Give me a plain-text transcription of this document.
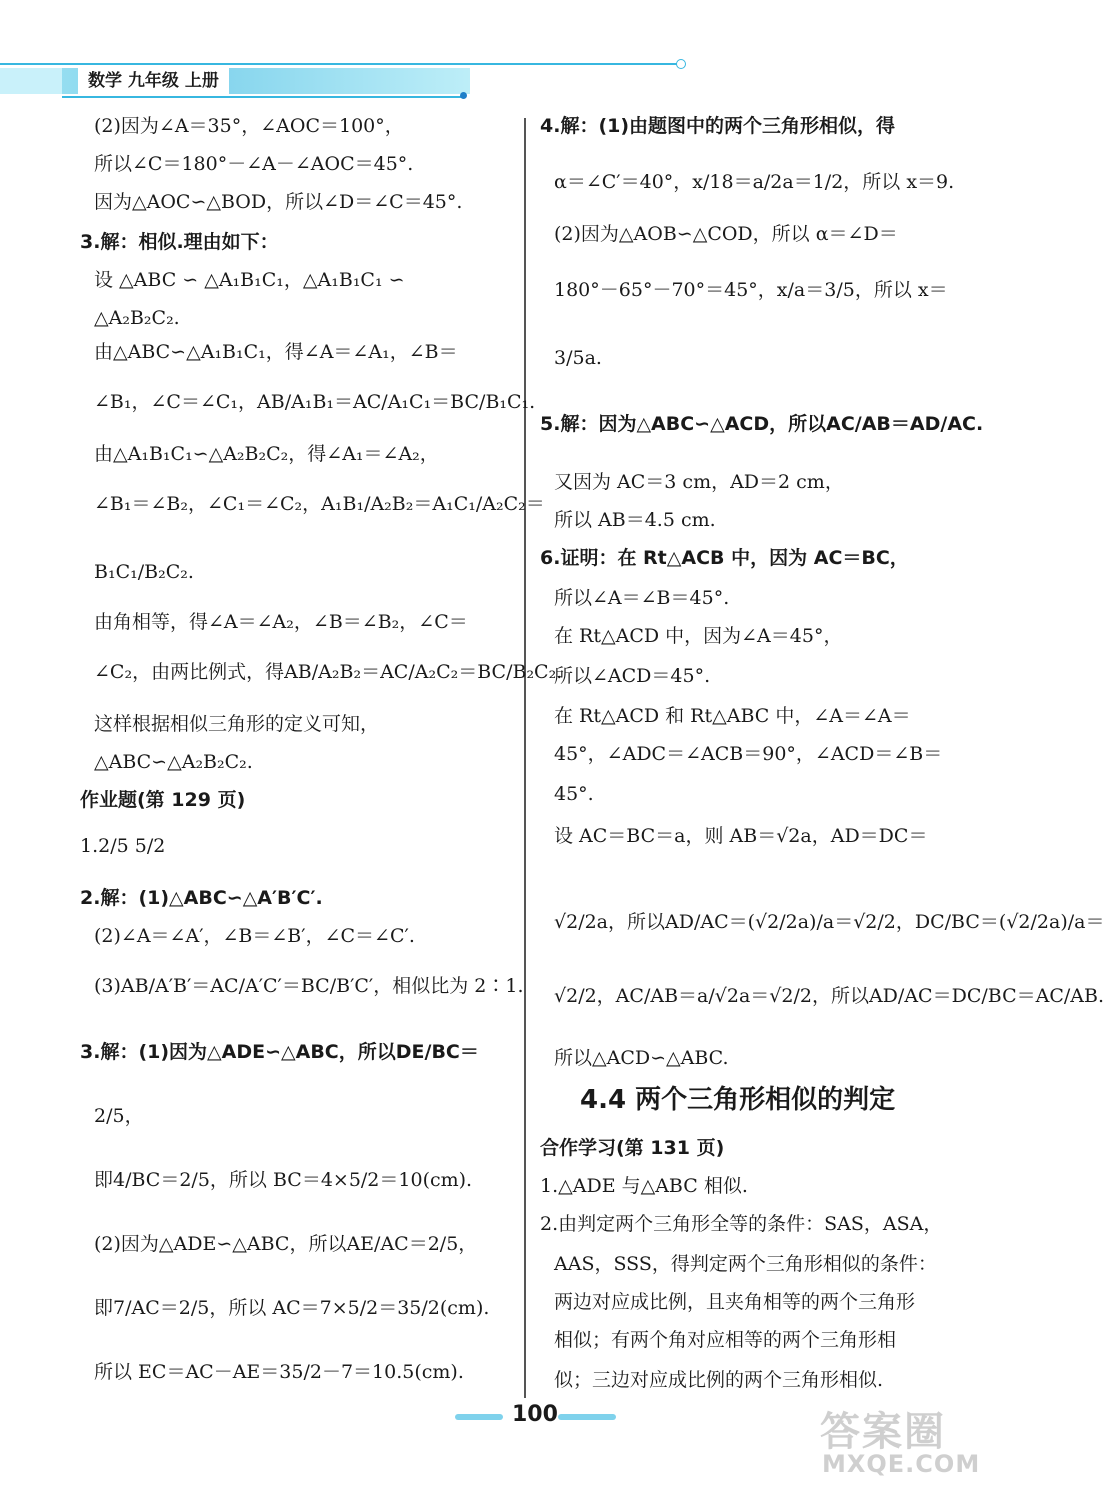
数学 九年级 上册
(2)因为∠A＝35°，∠AOC＝100°，
所以∠C＝180°－∠A－∠AOC＝45°.
因为△AOC∽△BOD，所以∠D＝∠C＝45°.
3.解：相似.理由如下：
设 △ABC ∽ △A₁B₁C₁，△A₁B₁C₁ ∽
△A₂B₂C₂.
由△ABC∽△A₁B₁C₁，得∠A＝∠A₁，∠B＝
∠B₁，∠C＝∠C₁，AB/A₁B₁＝AC/A₁C₁＝BC/B₁C₁.
由△A₁B₁C₁∽△A₂B₂C₂，得∠A₁＝∠A₂，
∠B₁＝∠B₂，∠C₁＝∠C₂，A₁B₁/A₂B₂＝A₁C₁/A₂C₂＝
B₁C₁/B₂C₂.
由角相等，得∠A＝∠A₂，∠B＝∠B₂，∠C＝
∠C₂，由两比例式，得AB/A₂B₂＝AC/A₂C₂＝BC/B₂C₂.
这样根据相似三角形的定义可知，
△ABC∽△A₂B₂C₂.
作业题(第 129 页)
1.2/5 5/2
2.解：(1)△ABC∽△A′B′C′.
(2)∠A＝∠A′，∠B＝∠B′，∠C＝∠C′.
(3)AB/A′B′＝AC/A′C′＝BC/B′C′，相似比为 2∶1.
3.解：(1)因为△ADE∽△ABC，所以DE/BC＝
2/5，
即4/BC＝2/5，所以 BC＝4×5/2＝10(cm).
(2)因为△ADE∽△ABC，所以AE/AC＝2/5，
即7/AC＝2/5，所以 AC＝7×5/2＝35/2(cm).
所以 EC＝AC－AE＝35/2－7＝10.5(cm).
4.解：(1)由题图中的两个三角形相似，得
α＝∠C′＝40°，x/18＝a/2a＝1/2，所以 x＝9.
(2)因为△AOB∽△COD，所以 α＝∠D＝
180°－65°－70°＝45°，x/a＝3/5，所以 x＝
3/5a.
5.解：因为△ABC∽△ACD，所以AC/AB＝AD/AC.
又因为 AC＝3 cm，AD＝2 cm，
所以 AB＝4.5 cm.
6.证明：在 Rt△ACB 中，因为 AC＝BC，
所以∠A＝∠B＝45°.
在 Rt△ACD 中，因为∠A＝45°，
所以∠ACD＝45°.
在 Rt△ACD 和 Rt△ABC 中，∠A＝∠A＝
45°，∠ADC＝∠ACB＝90°，∠ACD＝∠B＝
45°.
设 AC＝BC＝a，则 AB＝√2a，AD＝DC＝
√2/2a，所以AD/AC＝(√2/2a)/a＝√2/2，DC/BC＝(√2/2a)/a＝
√2/2，AC/AB＝a/√2a＝√2/2，所以AD/AC＝DC/BC＝AC/AB.
所以△ACD∽△ABC.
4.4 两个三角形相似的判定
合作学习(第 131 页)
1.△ADE 与△ABC 相似.
2.由判定两个三角形全等的条件：SAS，ASA，
AAS，SSS，得判定两个三角形相似的条件：
两边对应成比例，且夹角相等的两个三角形
相似；有两个角对应相等的两个三角形相
似；三边对应成比例的两个三角形相似.
100	答案圈
MXQE.COM
